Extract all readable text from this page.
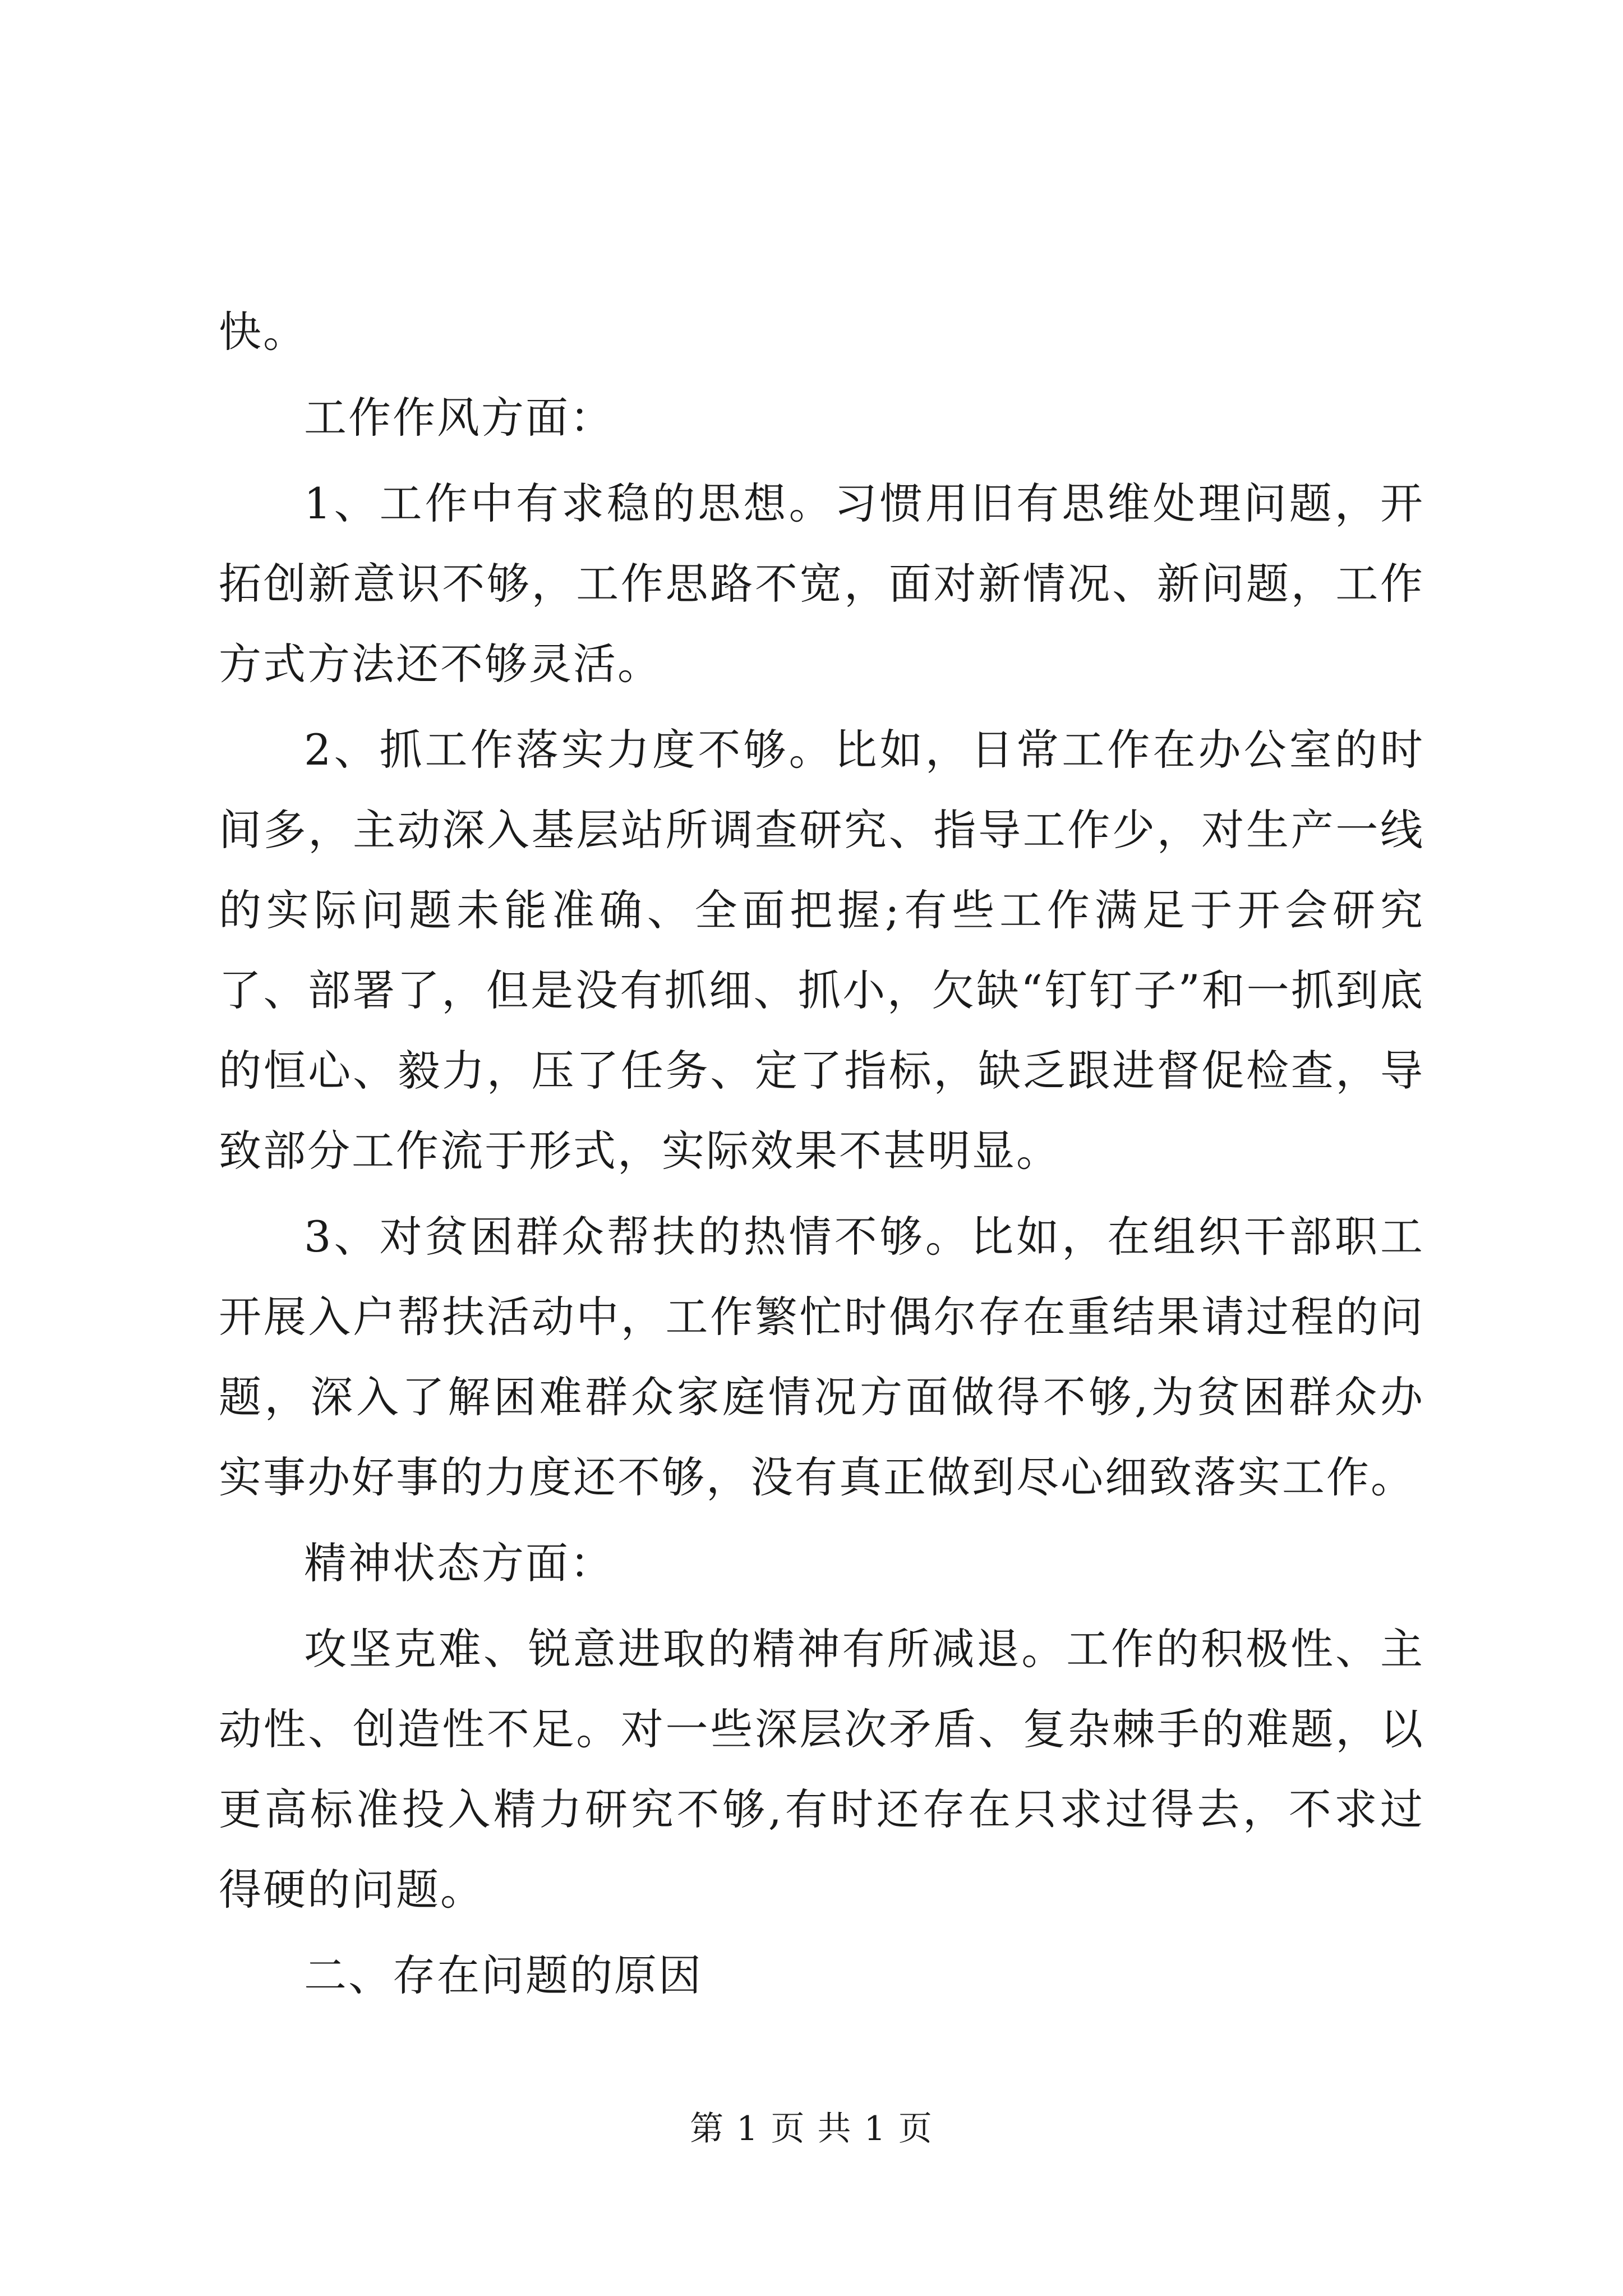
快。

工作作风方面：

1、工作中有求稳的思想。习惯用旧有思维处理问题，开拓创新意识不够，工作思路不宽，面对新情况、新问题，工作方式方法还不够灵活。

2、抓工作落实力度不够。比如，日常工作在办公室的时间多，主动深入基层站所调查研究、指导工作少，对生产一线的实际问题未能准确、全面把握;有些工作满足于开会研究了、部署了，但是没有抓细、抓小，欠缺“钉钉子”和一抓到底的恒心、毅力，压了任务、定了指标，缺乏跟进督促检查，导致部分工作流于形式，实际效果不甚明显。

3、对贫困群众帮扶的热情不够。比如，在组织干部职工开展入户帮扶活动中，工作繁忙时偶尔存在重结果请过程的问题，深入了解困难群众家庭情况方面做得不够,为贫困群众办实事办好事的力度还不够，没有真正做到尽心细致落实工作。

精神状态方面：

攻坚克难、锐意进取的精神有所减退。工作的积极性、主动性、创造性不足。对一些深层次矛盾、复杂棘手的难题，以更高标准投入精力研究不够,有时还存在只求过得去，不求过得硬的问题。

二、存在问题的原因

第 1 页 共 1 页
